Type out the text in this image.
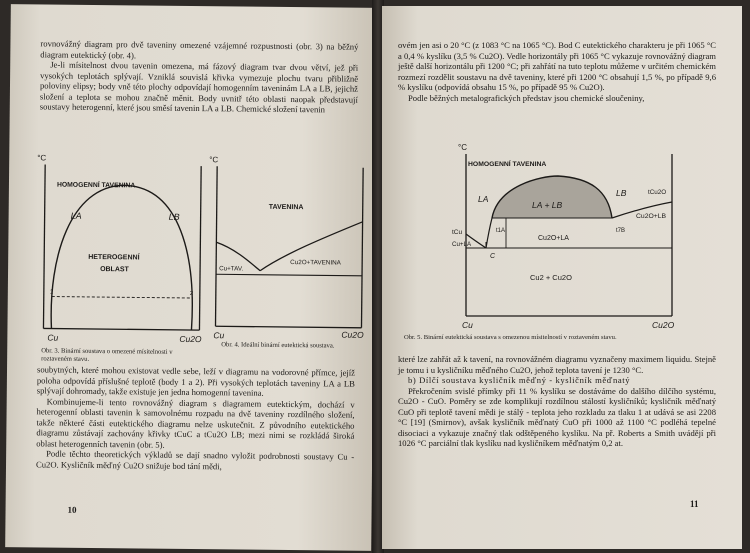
rovnovážný diagram pro dvě taveniny omezené vzájemné rozpustnosti (obr. 3) na běžný diagram eutektický (obr. 4).

Je-li mísitelnost dvou tavenin omezena, má fázový diagram tvar dvou větví, jež při vysokých teplotách splývají. Vzniklá souvislá křivka vymezuje plochu tvaru přibližně poloviny elipsy; body vně této plochy odpovídají homogenním taveninám LA a LB, jejichž složení a teplota se mohou značně měnit. Body uvnitř této oblasti naopak představují soustavy heterogenní, které jsou směsí tavenin LA a LB. Chemické složení tavenin

°C
HOMOGENNÍ TAVENINA
LA	LB
HETEROGENNÍ
OBLAST
1	2
Cu	Cu2O
Obr. 3. Binární soustava o omezené mísitelnosti v roztaveném stavu.
°C
TAVENINA
Cu+TAV.
Cu2O+TAVENINA
Cu	Cu2O
Obr. 4. Ideální binární eutektická soustava.

soubytných, které mohou existovat vedle sebe, leží v diagramu na vodorovné přímce, jejíž poloha odpovídá příslušné teplotě (body 1 a 2). Při vysokých teplotách taveniny LA a LB splývají dohromady, takže existuje jen jedna homogenní tavenina.

Kombinujeme-li tento rovnovážný diagram s diagramem eutektickým, dochází v heterogenní oblasti tavenin k samovolnému rozpadu na dvě taveniny rozdílného složení, takže některé části eutektického diagramu nelze uskutečnit. Z původního eutektického diagramu zůstávají zachovány křivky tCuC a tCu2O LB; mezi nimi se rozkládá široká oblast heterogenních tavenin (obr. 5).

Podle těchto theoretických výkladů se dají snadno vyložit podrobnosti soustavy Cu - Cu2O. Kysličník měďný Cu2O snižuje bod tání mědi,

10

ovém jen asi o 20 °C (z 1083 °C na 1065 °C). Bod C eutektického charakteru je při 1065 °C a 0,4 % kyslíku (3,5 % Cu2O). Vedle horizontály při 1065 °C vykazuje rovnovážný diagram ještě další horizontálu při 1200 °C; při zahřátí na tuto teplotu můžeme v určitém chemickém rozmezí rozdělit soustavu na dvě taveniny, které při 1200 °C obsahují 1,5 %, po případě 9,6 % kyslíku (odpovídá obsahu 15 %, po případě 95 % Cu2O).

Podle běžných metalografických představ jsou chemické sloučeniny,

°C
HOMOGENNÍ TAVENINA
LA
LB
LA + LB
t1A	t7B
tCu
Cu+LA
C
tCu2O
Cu2O+LB
Cu2O+LA
Cu2 + Cu2O
Cu	Cu2O
Obr. 5. Binární eutektická soustava s omezenou mísitelností v roztaveném stavu.

které lze zahřát až k tavení, na rovnovážném diagramu vyznačeny maximem liquidu. Stejně je tomu i u kysličníku měďného Cu2O, jehož teplota tavení je 1230 °C.

b) Dílčí soustava kysličník měďný - kysličník měďnatý

Překročením svislé přímky při 11 % kyslíku se dostáváme do dalšího dílčího systému, Cu2O - CuO. Poměry se zde komplikují rozdílnou stálostí kysličníků; kysličník měďnatý CuO při teplotě tavení mědi je stálý - teplota jeho rozkladu za tlaku 1 at udává se asi 2208 °C [19] (Smirnov), avšak kysličník měďnatý CuO při 1000 až 1100 °C podléhá tepelné disociaci a vykazuje značný tlak odštěpeného kyslíku. Na př. Roberts a Smith uvádějí při 1026 °C parciální tlak kyslíku nad kysličníkem měďnatým 0,2 at.

11
